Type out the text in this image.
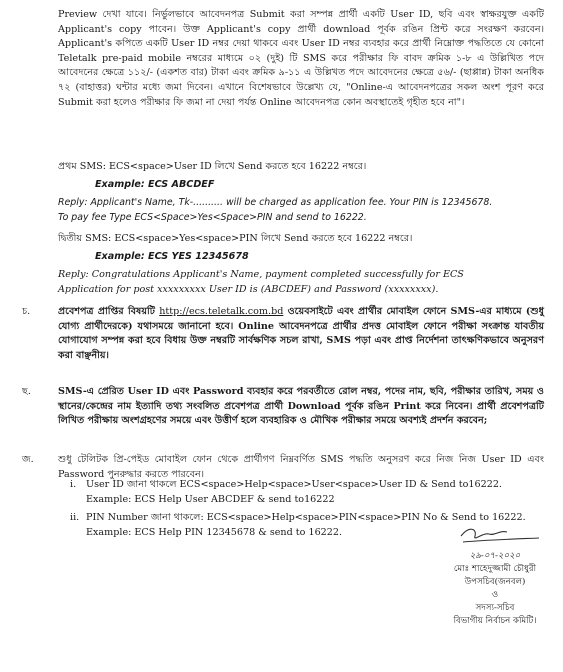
Preview দেখা যাবে। নির্ভুলভাবে আবেদনপত্র Submit করা সম্পন্ন প্রার্থী একটি User ID, ছবি এবং স্বাক্ষরযুক্ত একটি Applicant's copy পাবেন। উক্ত Applicant's copy প্রার্থী download পূর্বক রঙিন প্রিন্ট করে সংরক্ষণ করবেন। Applicant's কপিতে একটি User ID নম্বর দেয়া থাকবে এবং User ID নম্বর ব্যবহার করে প্রার্থী নিম্নোক্ত পদ্ধতিতে যে কোনো Teletalk pre-paid mobile নম্বরের মাধ্যমে ০২ (দুই) টি SMS করে পরীক্ষার ফি বাবদ ক্রমিক ১-৮ এ উল্লিখিত পদে আবেদনের ক্ষেত্রে ১১২/- (একশত বার) টাকা এবং ক্রমিক ৯-১১ এ উল্লিখত পদে আবেদনের ক্ষেত্রে ৫৬/- (ছাপ্পান্ন) টাকা অনধিক ৭২ (বাহাত্তর) ঘন্টার মধ্যে জমা দিবেন। এখানে বিশেষভাবে উল্লেখ্য যে, "Online-এ আবেদনপত্রের সকল অংশ পূরণ করে Submit করা হলেও পরীক্ষার ফি জমা না দেয়া পর্যন্ত Online আবেদনপত্র কোন অবস্থাতেই গৃহীত হবে না"।
প্রথম SMS: ECS<space>User ID লিখে Send করতে হবে 16222 নম্বরে।
Example: ECS ABCDEF
Reply: Applicant's Name, Tk-.......... will be charged as application fee. Your PIN is 12345678.
To pay fee Type ECS<Space>Yes<Space>PIN and send to 16222.
দ্বিতীয় SMS: ECS<space>Yes<space>PIN লিখে Send করতে হবে 16222 নম্বরে।
Example: ECS YES 12345678
Reply: Congratulations Applicant's Name, payment completed successfully for ECS
Application for post xxxxxxxxx User ID is (ABCDEF) and Password (xxxxxxxx).
চ.	প্রবেশপত্র প্রাপ্তির বিষয়টি http://ecs.teletalk.com.bd ওয়েবসাইটে এবং প্রার্থীর মোবাইল ফোনে SMS-এর মাধ্যমে (শুধু যোগ্য প্রার্থীদেরকে) যথাসময়ে জানানো হবে। Online আবেদনপত্রে প্রার্থীর প্রদত্ত মোবাইল ফোনে পরীক্ষা সংক্রান্ত যাবতীয় যোগাযোগ সম্পন্ন করা হবে বিধায় উক্ত নম্বরটি সার্বক্ষণিক সচল রাখা, SMS পড়া এবং প্রাপ্ত নির্দেশনা তাৎক্ষণিকভাবে অনুসরণ করা বাঞ্ছনীয়।
ছ.	SMS-এ প্রেরিত User ID এবং Password ব্যবহার করে পরবর্তীতে রোল নম্বর, পদের নাম, ছবি, পরীক্ষার তারিখ, সময় ও স্থানের/কেন্দ্রের নাম ইত্যাদি তথ্য সংবলিত প্রবেশপত্র প্রার্থী Download পূর্বক রঙিন Print করে নিবেন। প্রার্থী প্রবেশপত্রটি লিখিত পরীক্ষায় অংশগ্রহণের সময়ে এবং উত্তীর্ণ হলে ব্যবহারিক ও মৌখিক পরীক্ষার সময়ে অবশ্যই প্রদর্শন করবেন;
জ.	শুধু টেলিটক প্রি-পেইড মোবাইল ফোন থেকে প্রার্থীগণ নিম্নবর্ণিত SMS পদ্ধতি অনুসরণ করে নিজ নিজ User ID এবং Password পুনরুদ্ধার করতে পারবেন।
i. User ID জানা থাকলে ECS<space>Help<space>User<space>User ID & Send to16222.
Example: ECS Help User ABCDEF & send to16222
ii. PIN Number জানা থাকলে: ECS<space>Help<space>PIN<space>PIN No & Send to 16222.
Example: ECS Help PIN 12345678 & send to 16222.
২৯-০৭-২০২০
মোঃ শাহেদুজ্জামী চৌধুরী
উপসচিব(জনবল)
ও
সদস্য-সচিব
বিভাগীয় নির্বাচন কমিটি।
